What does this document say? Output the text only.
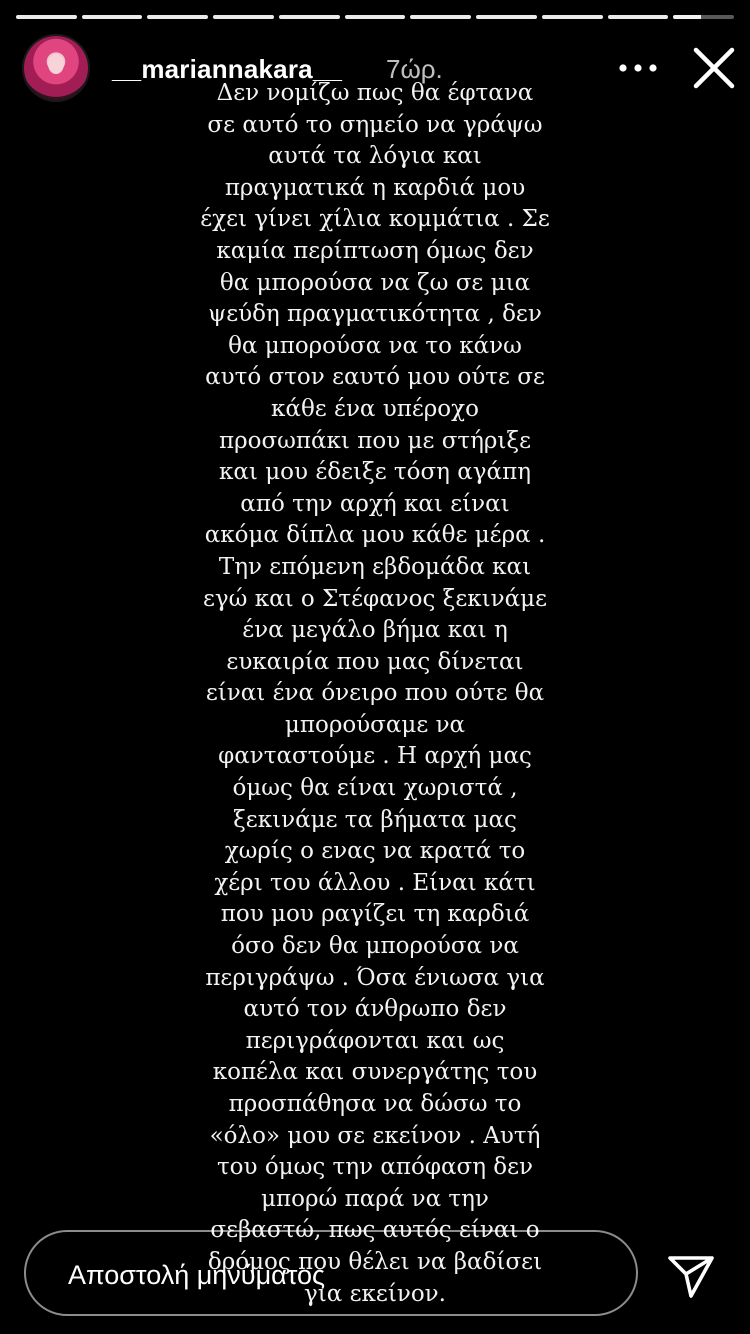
__mariannakara__ 7ώρ.
Δεν νομίζω πως θα έφτανα
σε αυτό το σημείο να γράψω
αυτά τα λόγια και
πραγματικά η καρδιά μου
έχει γίνει χίλια κομμάτια . Σε
καμία περίπτωση όμως δεν
θα μπορούσα να ζω σε μια
ψεύδη πραγματικότητα , δεν
θα μπορούσα να το κάνω
αυτό στον εαυτό μου ούτε σε
κάθε ένα υπέροχο
προσωπάκι που με στήριξε
και μου έδειξε τόση αγάπη
από την αρχή και είναι
ακόμα δίπλα μου κάθε μέρα .
Την επόμενη εβδομάδα και
εγώ και ο Στέφανος ξεκινάμε
ένα μεγάλο βήμα και η
ευκαιρία που μας δίνεται
είναι ένα όνειρο που ούτε θα
μπορούσαμε να
φανταστούμε . Η αρχή μας
όμως θα είναι χωριστά ,
ξεκινάμε τα βήματα μας
χωρίς ο ενας να κρατά το
χέρι του άλλου . Είναι κάτι
που μου ραγίζει τη καρδιά
όσο δεν θα μπορούσα να
περιγράψω . Όσα ένιωσα για
αυτό τον άνθρωπο δεν
περιγράφονται και ως
κοπέλα και συνεργάτης του
προσπάθησα να δώσω το
«όλο» μου σε εκείνον . Αυτή
του όμως την απόφαση δεν
μπορώ παρά να την
σεβαστώ, πως αυτός είναι ο
δρόμος που θέλει να βαδίσει
για εκείνον.
Αποστολή μηνύματος
